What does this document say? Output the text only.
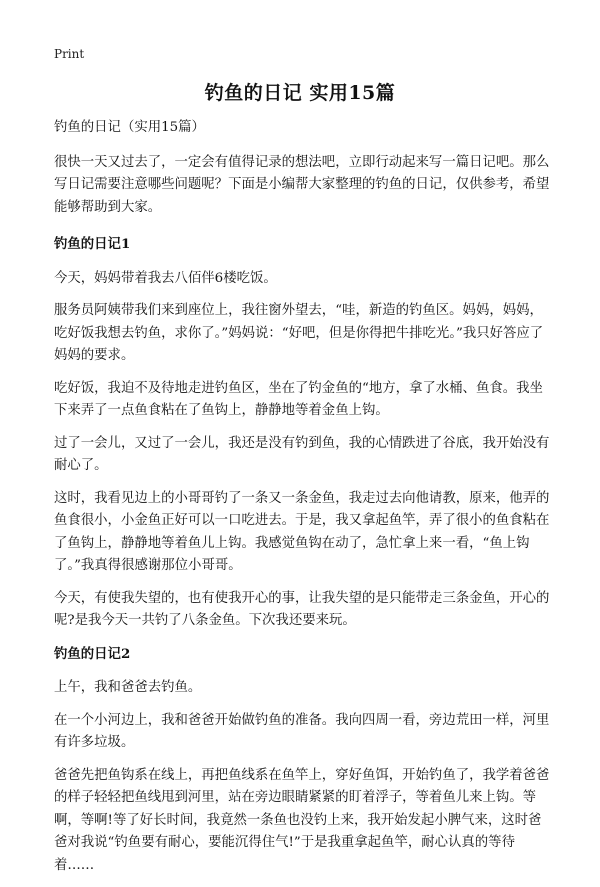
Print
钓鱼的日记 实用15篇

钓鱼的日记（实用15篇）

很快一天又过去了，一定会有值得记录的想法吧，立即行动起来写一篇日记吧。那么写日记需要注意哪些问题呢？下面是小编帮大家整理的钓鱼的日记，仅供参考，希望能够帮助到大家。

钓鱼的日记1

今天，妈妈带着我去八佰伴6楼吃饭。

服务员阿姨带我们来到座位上，我往窗外望去，“哇，新造的钓鱼区。妈妈，妈妈，吃好饭我想去钓鱼，求你了。”妈妈说：“好吧，但是你得把牛排吃光。”我只好答应了妈妈的要求。

吃好饭，我迫不及待地走进钓鱼区，坐在了钓金鱼的“地方，拿了水桶、鱼食。我坐下来弄了一点鱼食粘在了鱼钩上，静静地等着金鱼上钩。

过了一会儿，又过了一会儿，我还是没有钓到鱼，我的心情跌进了谷底，我开始没有耐心了。

这时，我看见边上的小哥哥钓了一条又一条金鱼，我走过去向他请教，原来，他弄的鱼食很小，小金鱼正好可以一口吃进去。于是，我又拿起鱼竿，弄了很小的鱼食粘在了鱼钩上，静静地等着鱼儿上钩。我感觉鱼钩在动了，急忙拿上来一看，“鱼上钩了。”我真得很感谢那位小哥哥。

今天，有使我失望的，也有使我开心的事，让我失望的是只能带走三条金鱼，开心的呢?是我今天一共钓了八条金鱼。下次我还要来玩。

钓鱼的日记2

上午，我和爸爸去钓鱼。

在一个小河边上，我和爸爸开始做钓鱼的准备。我向四周一看，旁边荒田一样，河里有许多垃圾。

爸爸先把鱼钩系在线上，再把鱼线系在鱼竿上，穿好鱼饵，开始钓鱼了，我学着爸爸的样子轻轻把鱼线甩到河里，站在旁边眼睛紧紧的盯着浮子，等着鱼儿来上钩。等啊，等啊!等了好长时间，我竟然一条鱼也没钓上来，我开始发起小脾气来，这时爸爸对我说“钓鱼要有耐心，要能沉得住气!”于是我重拿起鱼竿，耐心认真的等待着……
